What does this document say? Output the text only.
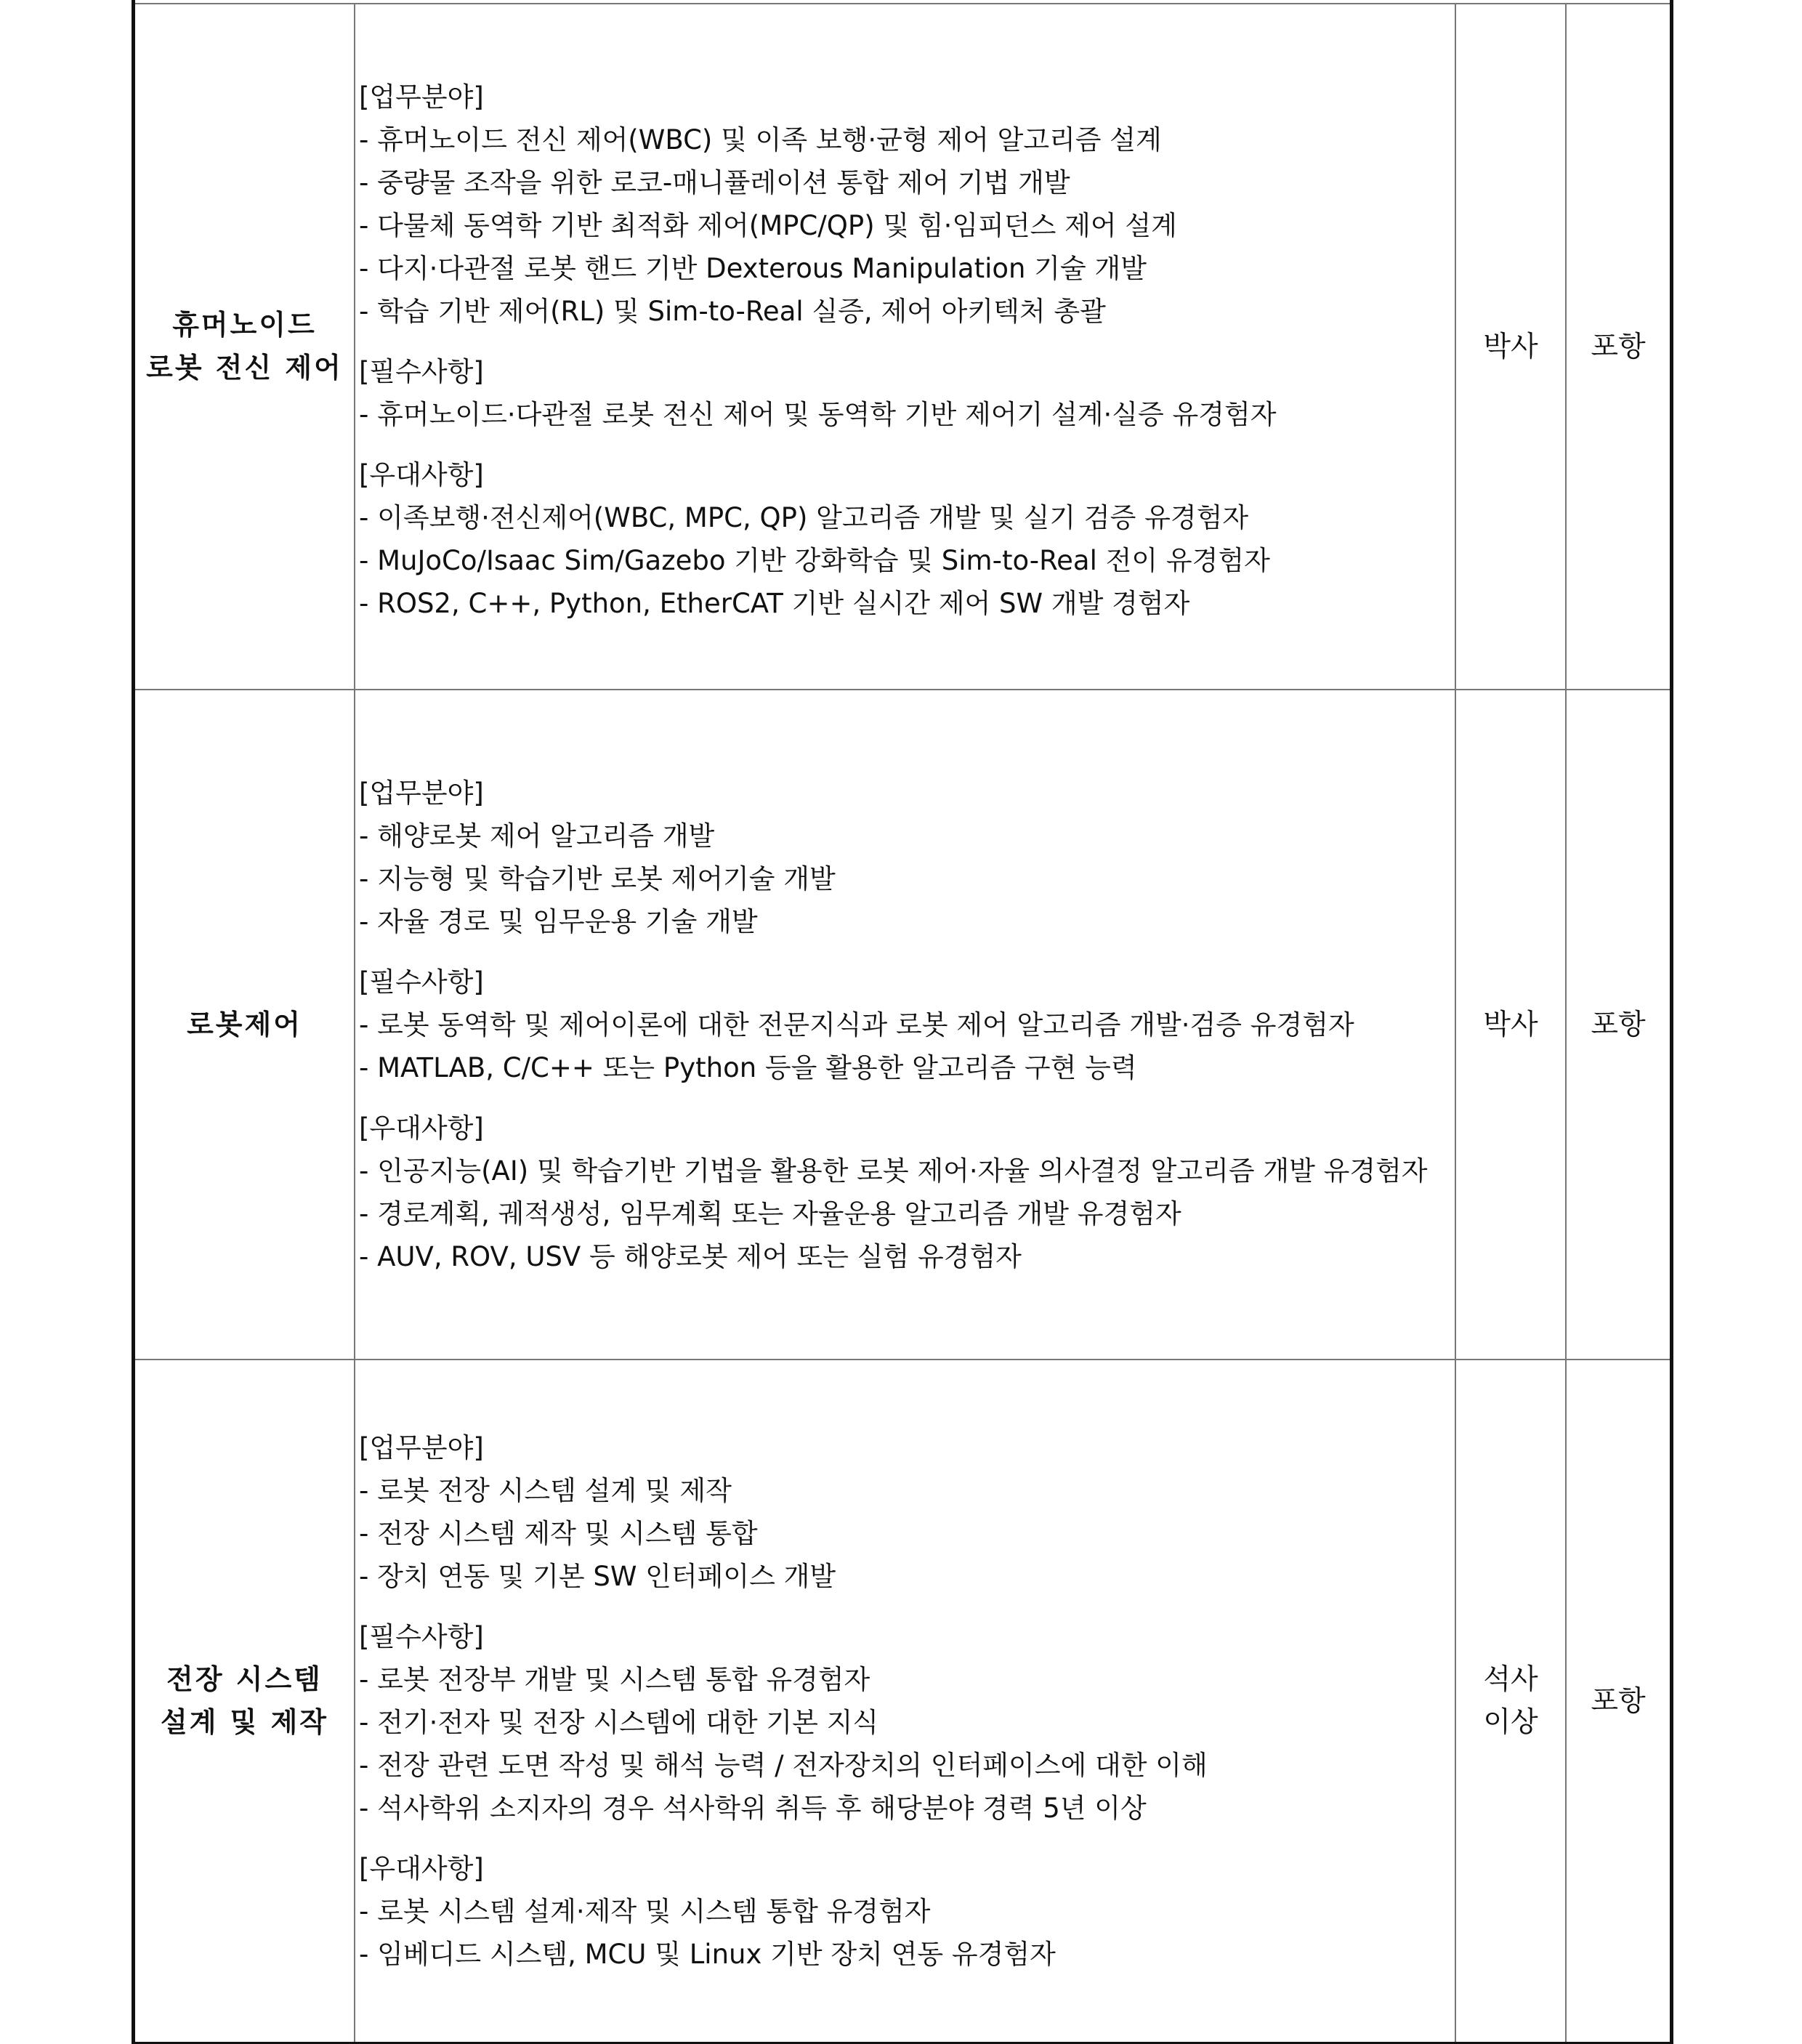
휴머노이드
로봇 전신 제어
[업무분야]
- 휴머노이드 전신 제어(WBC) 및 이족 보행·균형 제어 알고리즘 설계
- 중량물 조작을 위한 로코-매니퓰레이션 통합 제어 기법 개발
- 다물체 동역학 기반 최적화 제어(MPC/QP) 및 힘·임피던스 제어 설계
- 다지·다관절 로봇 핸드 기반 Dexterous Manipulation 기술 개발
- 학습 기반 제어(RL) 및 Sim-to-Real 실증, 제어 아키텍처 총괄
[필수사항]
- 휴머노이드·다관절 로봇 전신 제어 및 동역학 기반 제어기 설계·실증 유경험자
[우대사항]
- 이족보행·전신제어(WBC, MPC, QP) 알고리즘 개발 및 실기 검증 유경험자
- MuJoCo/Isaac Sim/Gazebo 기반 강화학습 및 Sim-to-Real 전이 유경험자
- ROS2, C++, Python, EtherCAT 기반 실시간 제어 SW 개발 경험자
박사 포항
로봇제어
[업무분야]
- 해양로봇 제어 알고리즘 개발
- 지능형 및 학습기반 로봇 제어기술 개발
- 자율 경로 및 임무운용 기술 개발
[필수사항]
- 로봇 동역학 및 제어이론에 대한 전문지식과 로봇 제어 알고리즘 개발·검증 유경험자
- MATLAB, C/C++ 또는 Python 등을 활용한 알고리즘 구현 능력
[우대사항]
- 인공지능(AI) 및 학습기반 기법을 활용한 로봇 제어·자율 의사결정 알고리즘 개발 유경험자
- 경로계획, 궤적생성, 임무계획 또는 자율운용 알고리즘 개발 유경험자
- AUV, ROV, USV 등 해양로봇 제어 또는 실험 유경험자
박사 포항
전장 시스템
설계 및 제작
[업무분야]
- 로봇 전장 시스템 설계 및 제작
- 전장 시스템 제작 및 시스템 통합
- 장치 연동 및 기본 SW 인터페이스 개발
[필수사항]
- 로봇 전장부 개발 및 시스템 통합 유경험자
- 전기·전자 및 전장 시스템에 대한 기본 지식
- 전장 관련 도면 작성 및 해석 능력 / 전자장치의 인터페이스에 대한 이해
- 석사학위 소지자의 경우 석사학위 취득 후 해당분야 경력 5년 이상
[우대사항]
- 로봇 시스템 설계·제작 및 시스템 통합 유경험자
- 임베디드 시스템, MCU 및 Linux 기반 장치 연동 유경험자
석사
이상
포항
